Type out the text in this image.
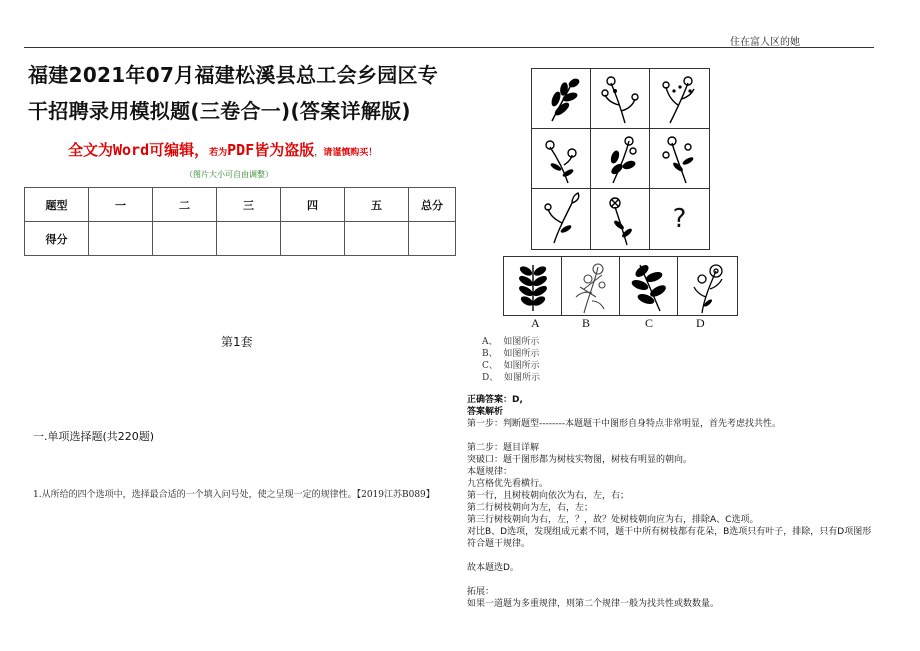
住在富人区的她
福建2021年07月福建松溪县总工会乡园区专
干招聘录用模拟题(三卷合一)(答案详解版)
全文为Word可编辑，若为PDF皆为盗版，请谨慎购买！
（图片大小可自由调整）
题型	一	二	三	四	五	总分
得分						
第1套
一.单项选择题(共220题)
1.从所给的四个选项中，选择最合适的一个填入问号处，使之呈现一定的规律性。【2019江苏B089】
?
A	B	C	D
A、 如图所示
B、 如图所示
C、 如图所示
D、 如图所示
正确答案：D,
答案解析
第一步：判断题型--------本题题干中图形自身特点非常明显，首先考虑找共性。
第二步：题目详解
突破口：题干图形都为树枝实物图，树枝有明显的朝向。
本题规律：
九宫格优先看横行。
第一行，且树枝朝向依次为右，左，右；
第二行树枝朝向为左，右，左；
第三行树枝朝向为右，左，？，故？处树枝朝向应为右，排除A、C选项。
对比B、D选项，发现组成元素不同，题干中所有树枝都有花朵，B选项只有叶子，排除，只有D项图形
符合题干规律。
故本题选D。
拓展：
如果一道题为多重规律，则第二个规律一般为找共性或数数量。
